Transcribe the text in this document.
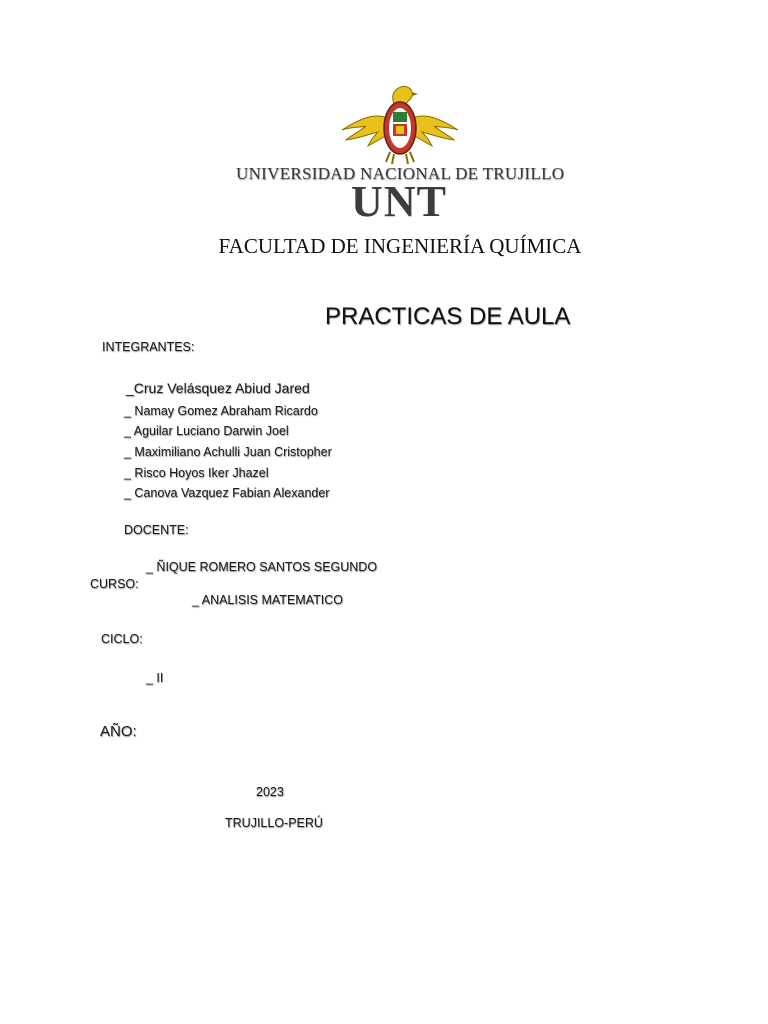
UNIVERSIDAD NACIONAL DE TRUJILLO
UNT
FACULTAD DE INGENIERÍA QUÍMICA
PRACTICAS DE AULA
INTEGRANTES:
_Cruz Velásquez Abiud Jared
_ Namay Gomez Abraham Ricardo
_ Aguilar Luciano Darwin Joel
_ Maximiliano Achulli Juan Cristopher
_ Risco Hoyos Iker Jhazel
_ Canova Vazquez Fabian Alexander
DOCENTE:
_ ÑIQUE ROMERO SANTOS SEGUNDO
CURSO:
_ ANALISIS MATEMATICO
CICLO:
_ II
AÑO:
2023
TRUJILLO-PERÚ
